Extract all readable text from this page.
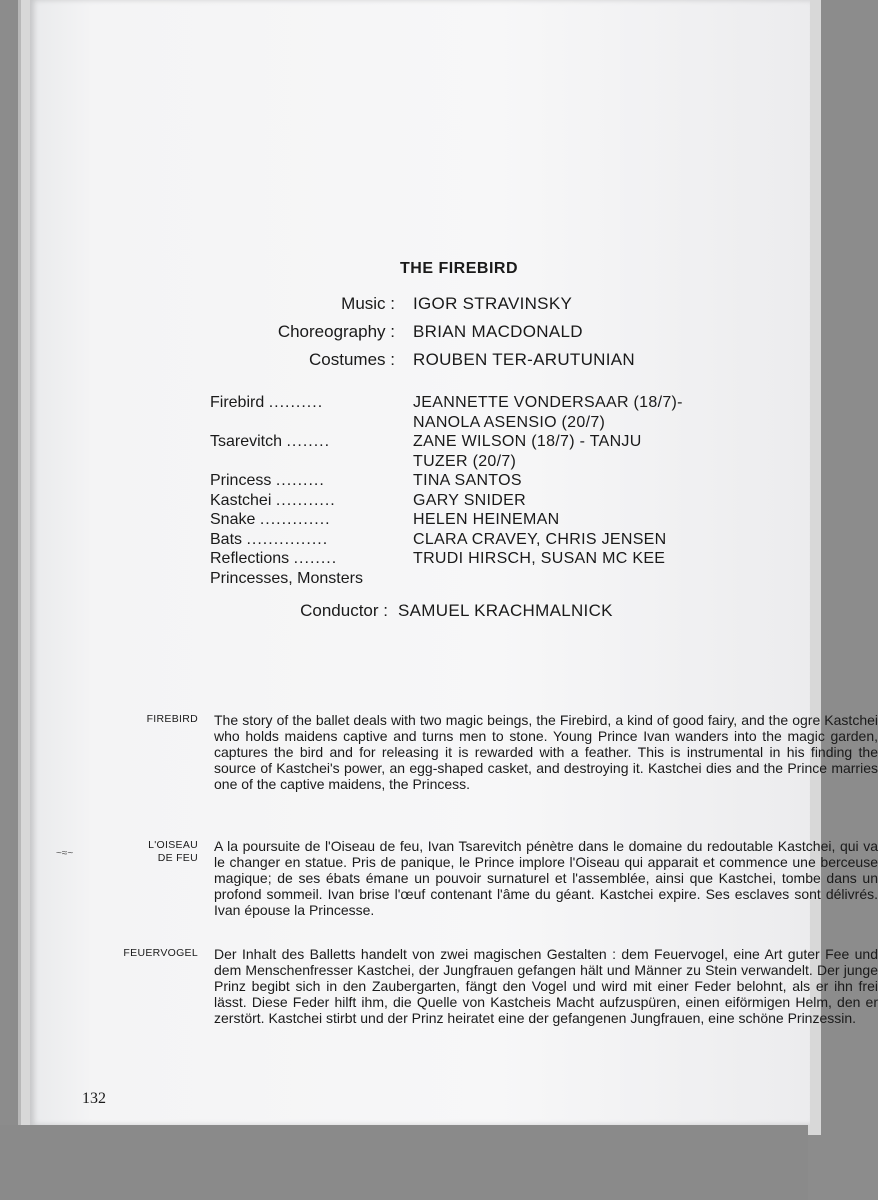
THE FIREBIRD
Music : IGOR STRAVINSKY
Choreography : BRIAN MACDONALD
Costumes : ROUBEN TER-ARUTUNIAN
Firebird ..........	JEANNETTE VONDERSAAR (18/7)-
NANOLA ASENSIO (20/7)
Tsarevitch ........	ZANE WILSON (18/7) - TANJU
TUZER (20/7)
Princess .........	TINA SANTOS
Kastchei ...........	GARY SNIDER
Snake .............	HELEN HEINEMAN
Bats ...............	CLARA CRAVEY, CHRIS JENSEN
Reflections ........	TRUDI HIRSCH, SUSAN MC KEE
Princesses, Monsters
Conductor : SAMUEL KRACHMALNICK
FIREBIRD The story of the ballet deals with two magic beings, the Firebird, a kind of good fairy, and the ogre Kastchei who holds maidens captive and turns men to stone. Young Prince Ivan wanders into the magic garden, captures the bird and for releasing it is rewarded with a feather. This is instrumental in his finding the source of Kastchei's power, an egg-shaped casket, and destroying it. Kastchei dies and the Prince marries one of the captive maidens, the Princess.
L'OISEAU
DE FEU
A la poursuite de l'Oiseau de feu, Ivan Tsarevitch pénètre dans le domaine du redoutable Kastchei, qui va le changer en statue. Pris de panique, le Prince implore l'Oiseau qui apparait et commence une berceuse magique; de ses ébats émane un pouvoir surnaturel et l'assemblée, ainsi que Kastchei, tombe dans un profond sommeil. Ivan brise l'œuf contenant l'âme du géant. Kastchei expire. Ses esclaves sont délivrés. Ivan épouse la Princesse.
FEUERVOGEL Der Inhalt des Balletts handelt von zwei magischen Gestalten : dem Feuervogel, eine Art guter Fee und dem Menschenfresser Kastchei, der Jungfrauen gefangen hält und Männer zu Stein verwandelt. Der junge Prinz begibt sich in den Zaubergarten, fängt den Vogel und wird mit einer Feder belohnt, als er ihn frei lässt. Diese Feder hilft ihm, die Quelle von Kastcheis Macht aufzuspüren, einen eiförmigen Helm, den er zerstört. Kastchei stirbt und der Prinz heiratet eine der gefangenen Jungfrauen, eine schöne Prinzessin.
~≈~
132
